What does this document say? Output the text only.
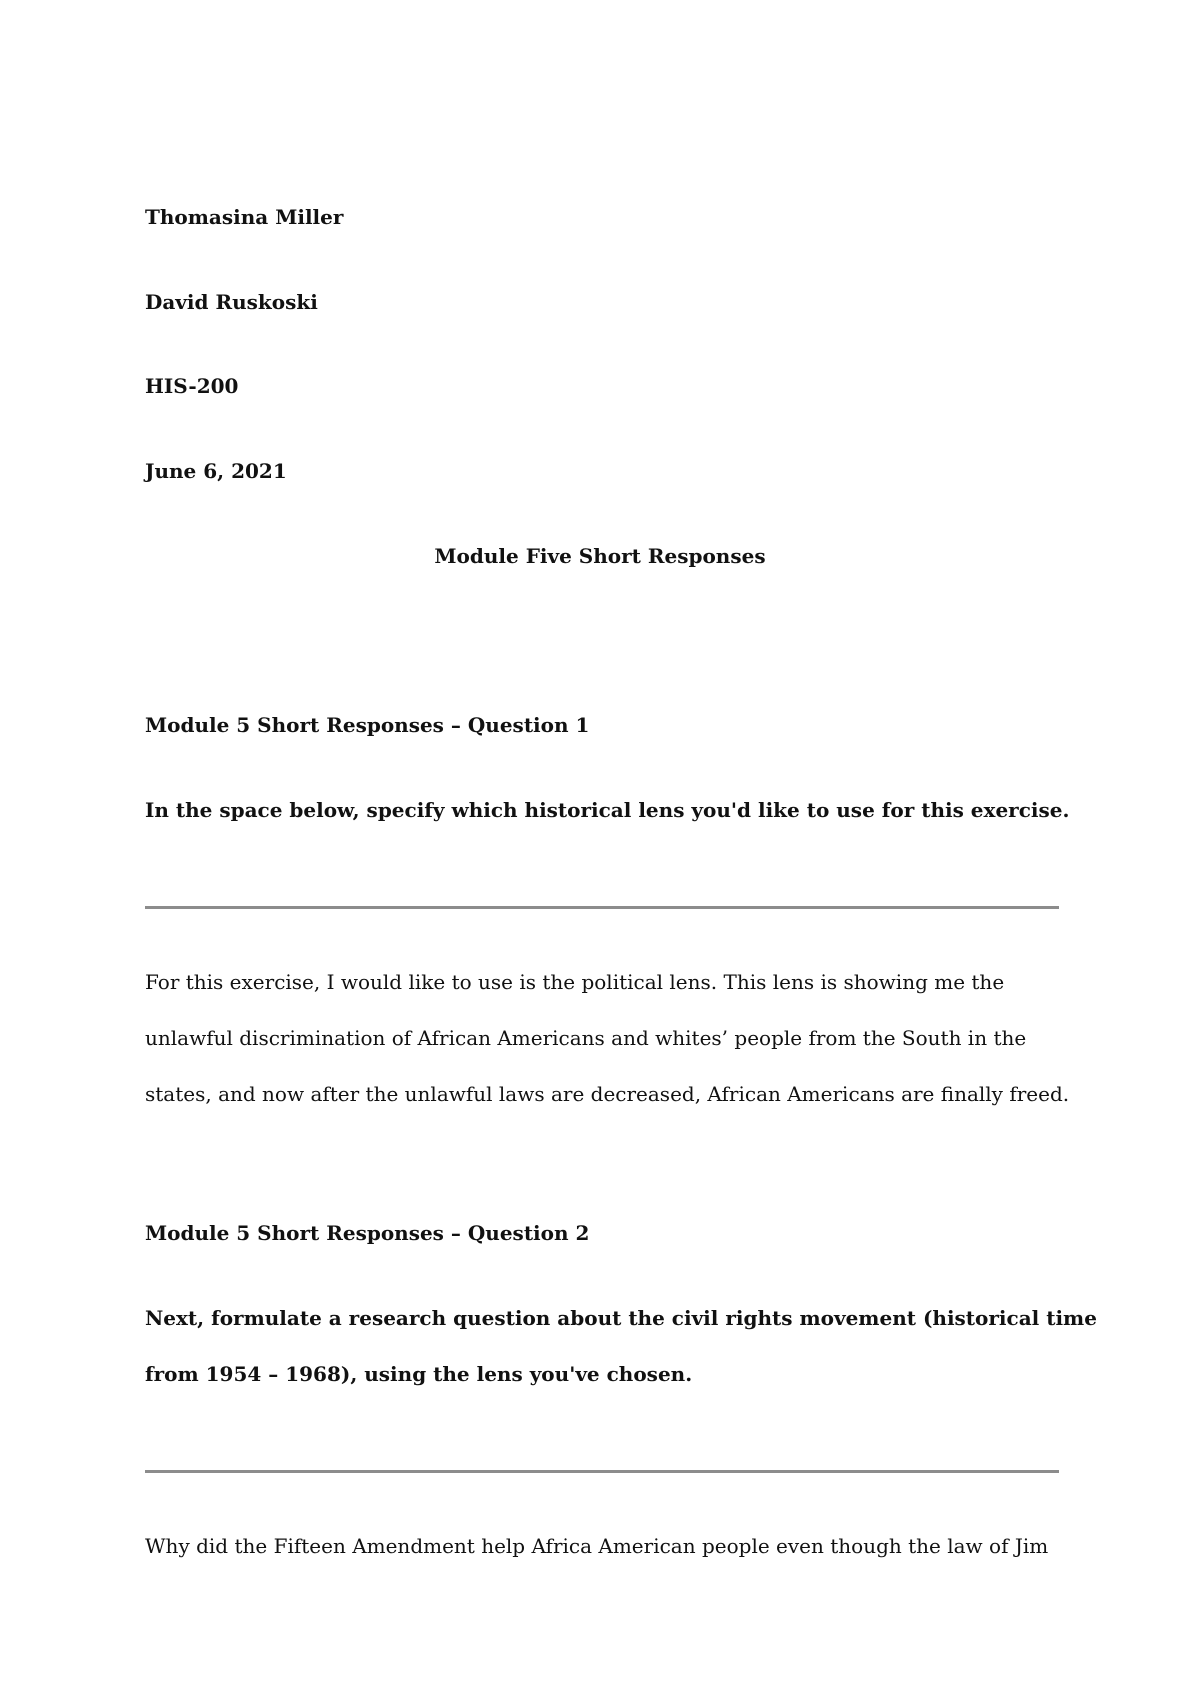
Thomasina Miller
David Ruskoski
HIS-200
June 6, 2021
Module Five Short Responses
Module 5 Short Responses – Question 1
In the space below, specify which historical lens you'd like to use for this exercise.
For this exercise, I would like to use is the political lens. This lens is showing me the
unlawful discrimination of African Americans and whites’ people from the South in the
states, and now after the unlawful laws are decreased, African Americans are finally freed.
Module 5 Short Responses – Question 2
Next, formulate a research question about the civil rights movement (historical time
from 1954 – 1968), using the lens you've chosen.
Why did the Fifteen Amendment help Africa American people even though the law of Jim
